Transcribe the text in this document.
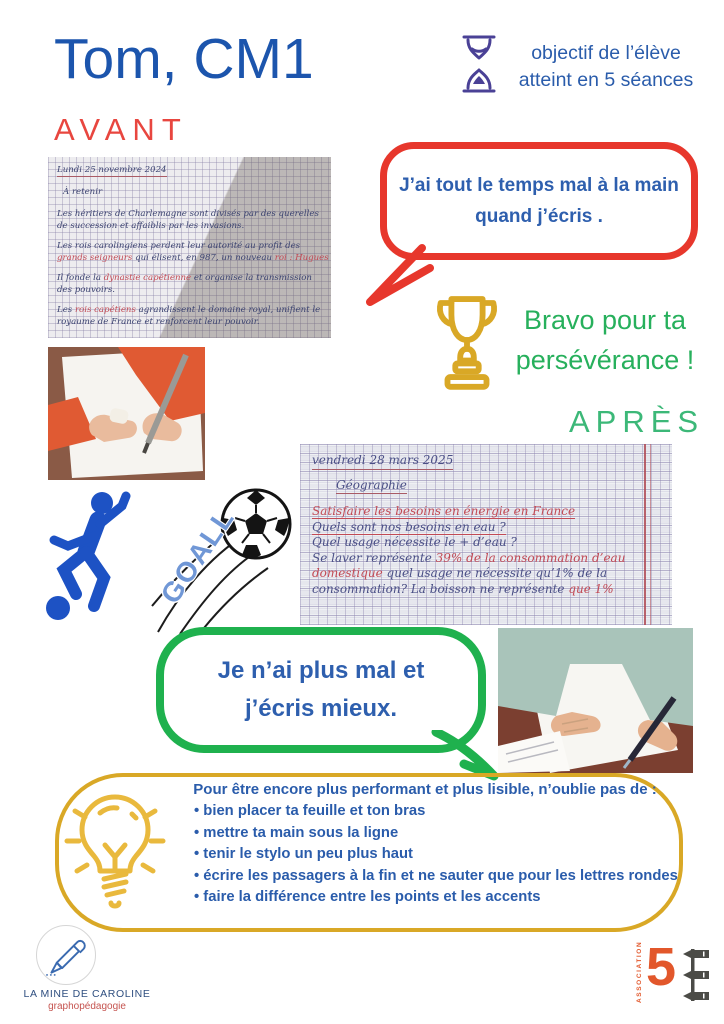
Tom, CM1	objectif de l’élève
atteint en 5 séances
AVANT
Lundi 25 novembre 2024
À retenir

Les héritiers de Charlemagne sont divisés par des querelles
de succession et affaiblis par les invasions.

Les rois carolingiens perdent leur autorité au profit des
grands seigneurs qui élisent, en 987, un nouveau roi : Hugues

Il fonde la dynastie capétienne et organise la transmission
des pouvoirs.

Les rois capétiens agrandissent le domaine royal, unifient le
royaume de France et renforcent leur pouvoir.

J’ai tout le temps mal à la main
quand j’écris .
Bravo pour ta
persévérance !
APRÈS
vendredi 28 mars 2025
Géographie

Satisfaire les besoins en énergie en France

Quels sont nos besoins en eau ?

Quel usage nécessite le + d’eau ?

Se laver représente 39% de la consommation d’eau

domestique quel usage ne nécessite qu’1% de la

consommation? La boisson ne représente que 1%

GOALL
Je n’ai plus mal et
j’écris mieux.

Pour être encore plus performant et plus lisible, n’oublie pas de :

• bien placer ta feuille et ton bras
• mettre ta main sous la ligne
• tenir le stylo un peu plus haut
• écrire les passagers à la fin et ne sauter que pour les lettres rondes
• faire la différence entre les points et les accents
LA MINE DE CAROLINE
graphopédagogie
ASSOCIATION 5
